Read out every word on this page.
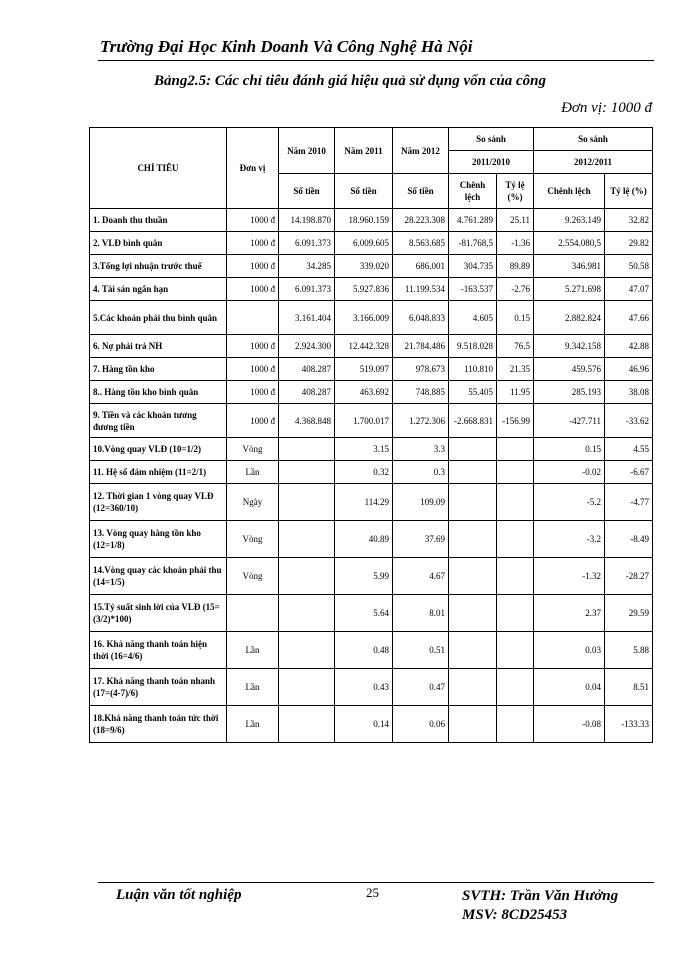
Trường Đại Học Kinh Doanh Và Công Nghệ Hà Nội
Bảng2.5: Các chỉ tiêu đánh giá hiệu quả sử dụng vốn của công
Đơn vị: 1000 đ
CHỈ TIÊU	Đơn vị	Năm 2010	Năm 2011	Năm 2012	So sánh		So sánh	
					2011/2010		2012/2011	
		Số tiền	Số tiền	Số tiền	Chênh lệch	Tỷ lệ (%)	Chênh lệch	Tỷ lệ (%)
1. Doanh thu thuần	1000 đ	14.198.870	18.960.159	28.223.308	4.761.289	25.11	9.263.149	32.82
2. VLĐ bình quân	1000 đ	6.091.373	6.009.605	8.563.685	-81.768,5	-1.36	2.554.080,5	29.82
3.Tổng lợi nhuận trước thuế	1000 đ	34.285	339.020	686.001	304.735	89.89	346.981	50.58
4. Tài sản ngắn hạn	1000 đ	6.091.373	5.927.836	11.199.534	-163.537	-2.76	5.271.698	47.07
5.Các khoản phải thu bình quân		3.161.404	3.166.009	6.048.833	4.605	0.15	2.882.824	47.66
6. Nợ phải trả NH	1000 đ	2.924.300	12.442.328	21.784.486	9.518.028	76.5	9.342.158	42.88
7. Hàng tồn kho	1000 đ	408.287	519.097	978.673	110.810	21.35	459.576	46.96
8.. Hàng tồn kho bình quân	1000 đ	408.287	463.692	748.885	55.405	11.95	285.193	38.08
9. Tiền và các khoản tương đương tiền	1000 đ	4.368.848	1.700.017	1.272.306	-2.668.831	-156.99	-427.711	-33.62
10.Vòng quay VLĐ (10=1/2)	Vòng		3.15	3.3			0.15	4.55
11. Hệ số đảm nhiệm (11=2/1)	Lần		0.32	0.3			-0.02	-6.67
12. Thời gian 1 vòng quay VLĐ (12=360/10)	Ngày		114.29	109.09			-5.2	-4.77
13. Vòng quay hàng tồn kho (12=1/8)	Vòng		40.89	37.69			-3.2	-8.49
14.Vòng quay các khoản phải thu (14=1/5)	Vòng		5.99	4.67			-1.32	-28.27
15.Tỷ suất sinh lời của VLĐ (15=(3/2)*100)			5.64	8.01			2.37	29.59
16. Khả năng thanh toán hiện thời (16=4/6)	Lần		0.48	0.51			0.03	5.88
17. Khả năng thanh toán nhanh (17=(4-7)/6)	Lần		0.43	0.47			0.04	8.51
18.Khả năng thanh toán tức thời (18=9/6)	Lần		0.14	0.06			-0.08	-133.33
Luận văn tốt nghiệp	25	SVTH: Trần Văn Hưởng
MSV: 8CD25453
